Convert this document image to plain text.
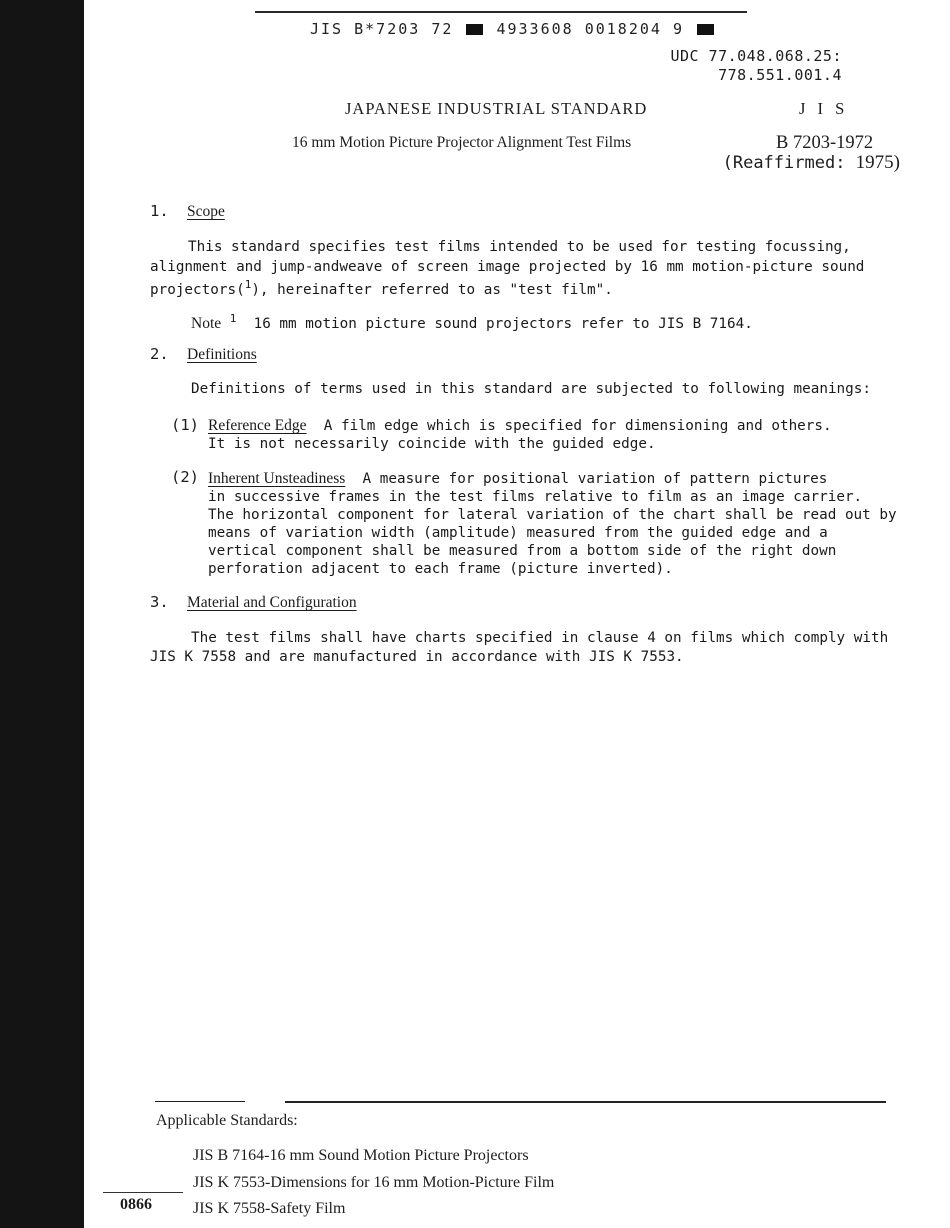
JIS B*7203 72	4933608 0018204 9
UDC 77.048.068.25:
778.551.001.4
JAPANESE INDUSTRIAL STANDARD	J I S
16 mm Motion Picture Projector Alignment Test Films	B 7203-1972
(Reaffirmed: 1975)
1. Scope
This standard specifies test films intended to be used for testing focussing,
alignment and jump-andweave of screen image projected by 16 mm motion-picture sound
projectors($^1$), hereinafter referred to as "test film".
Note $^1$ 16 mm motion picture sound projectors refer to JIS B 7164.
2. Definitions
Definitions of terms used in this standard are subjected to following meanings:
(1) Reference Edge A film edge which is specified for dimensioning and others.
It is not necessarily coincide with the guided edge.
(2) Inherent Unsteadiness A measure for positional variation of pattern pictures
in successive frames in the test films relative to film as an image carrier.
The horizontal component for lateral variation of the chart shall be read out by
means of variation width (amplitude) measured from the guided edge and a
vertical component shall be measured from a bottom side of the right down
perforation adjacent to each frame (picture inverted).
3. Material and Configuration
The test films shall have charts specified in clause 4 on films which comply with
JIS K 7558 and are manufactured in accordance with JIS K 7553.
Applicable Standards:
JIS B 7164-16 mm Sound Motion Picture Projectors
JIS K 7553-Dimensions for 16 mm Motion-Picture Film
JIS K 7558-Safety Film
0866
